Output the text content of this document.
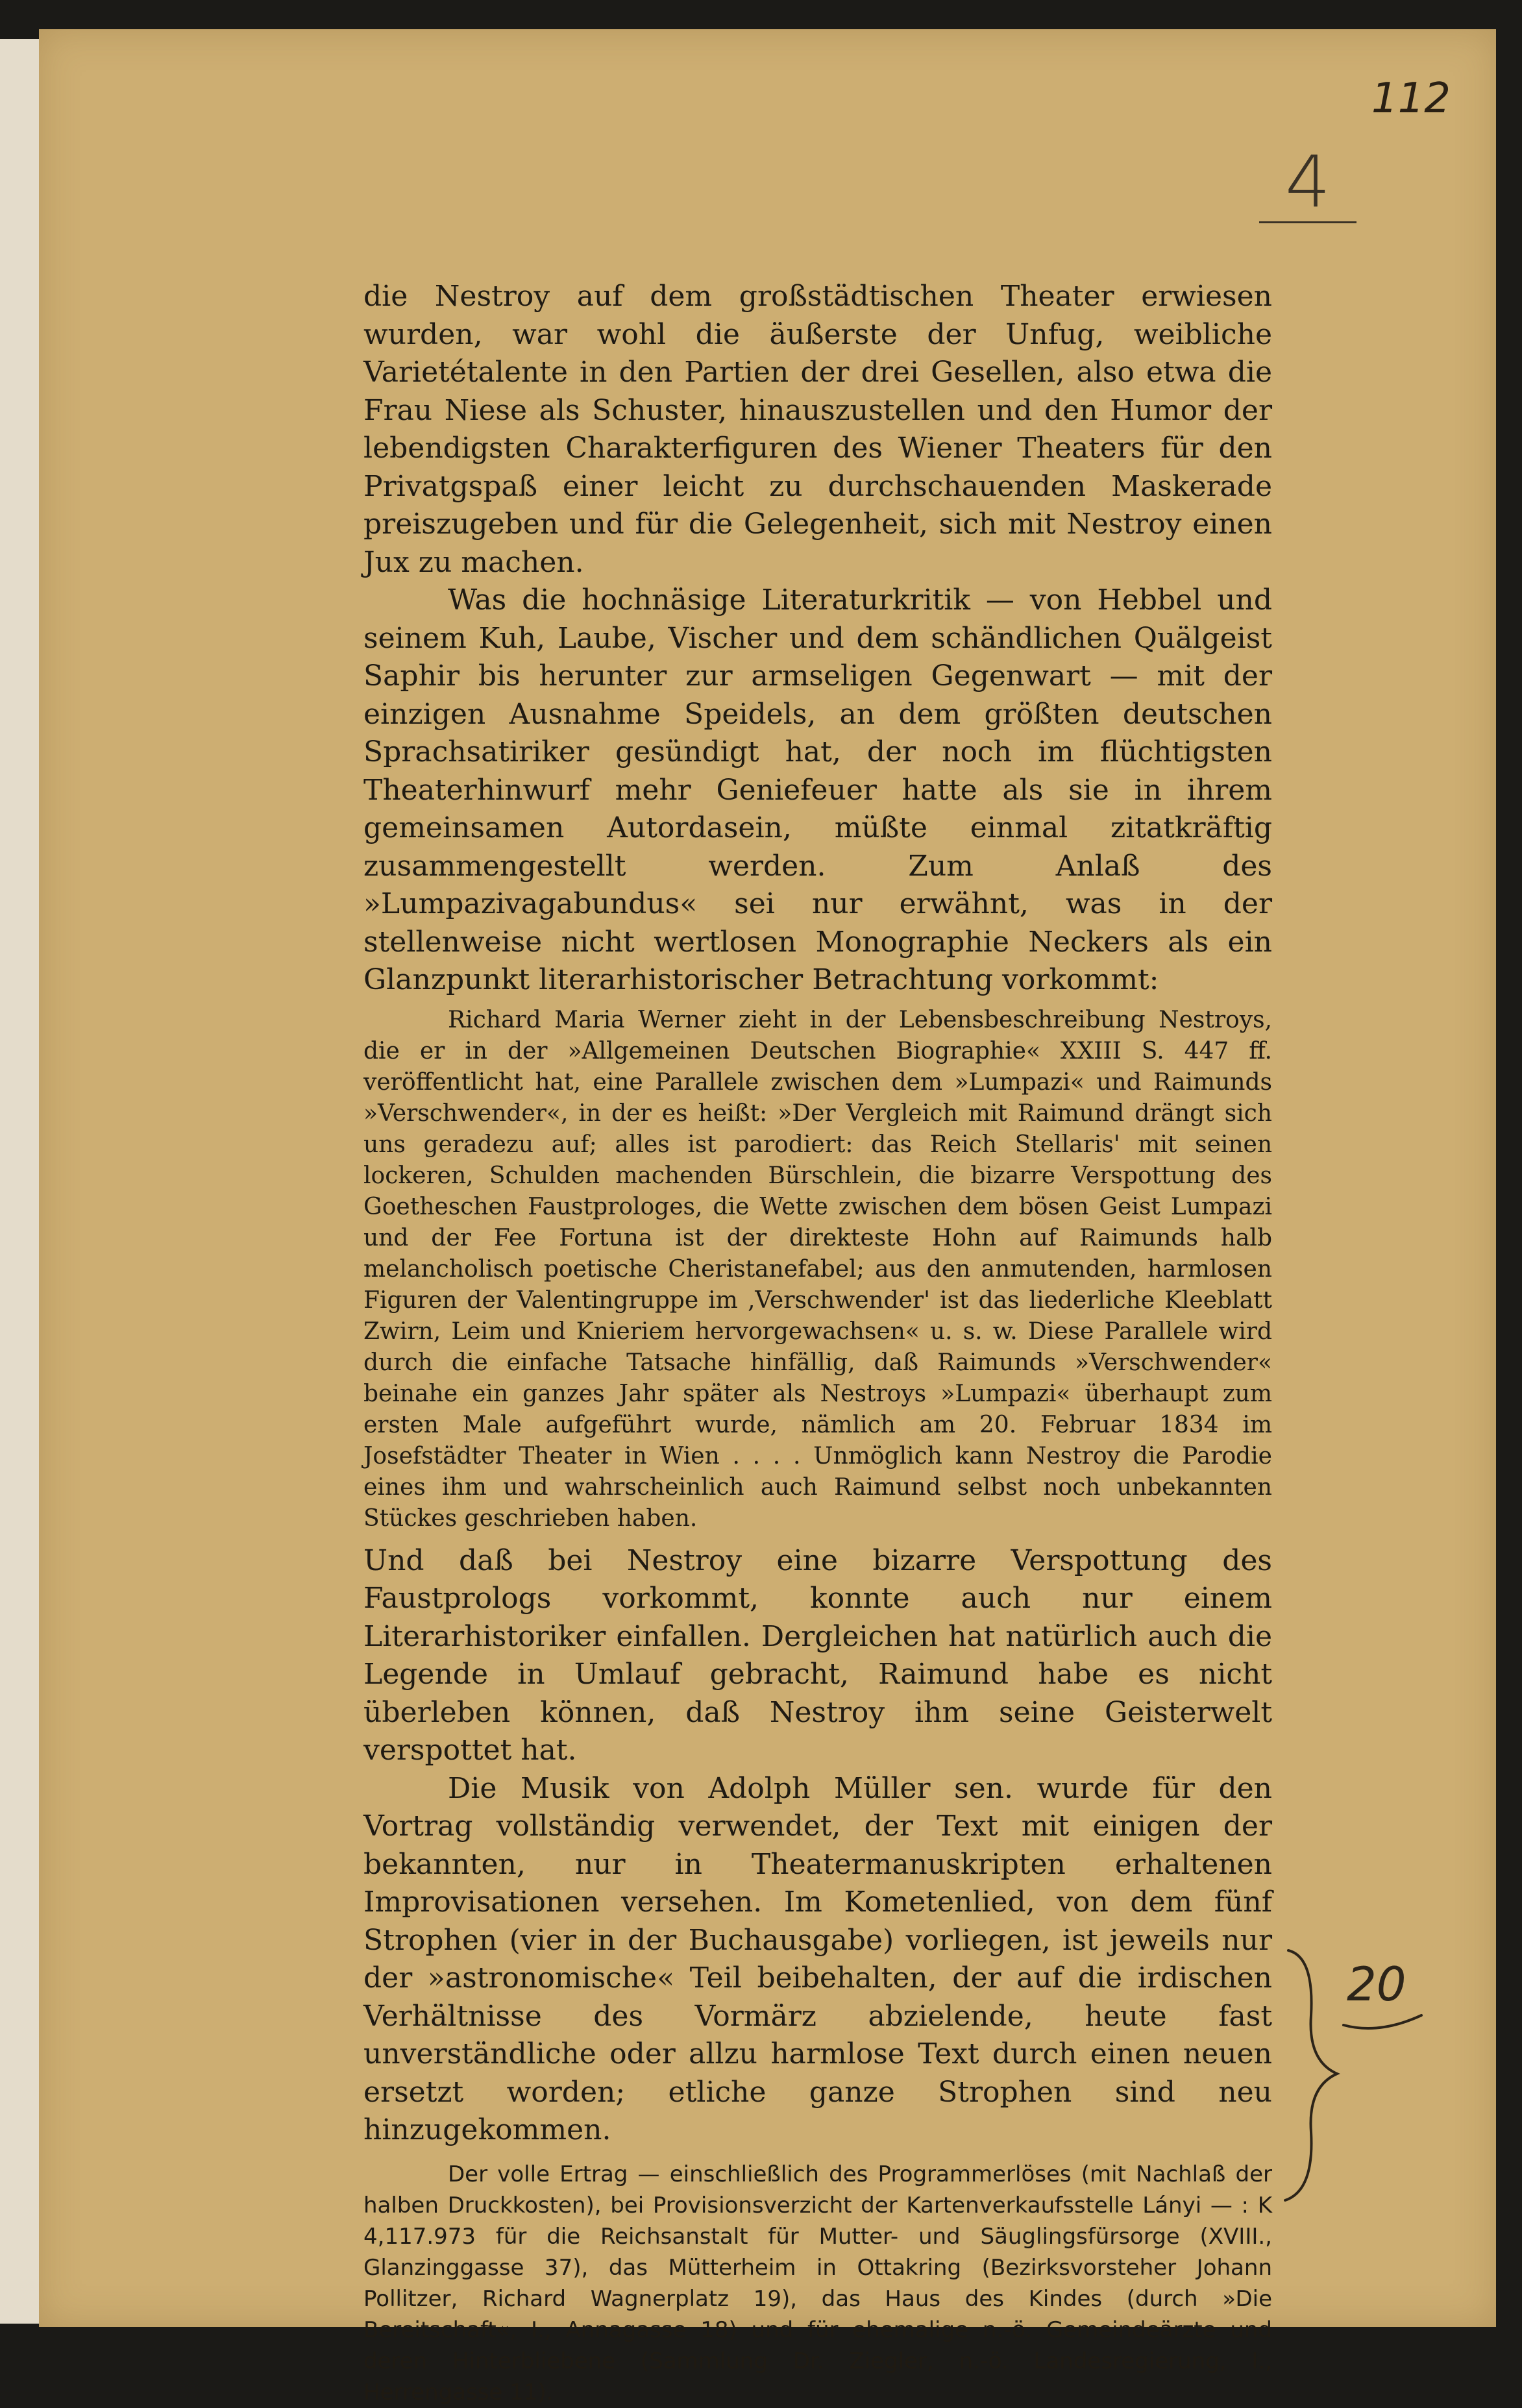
112

4

die Nestroy auf dem großstädtischen Theater erwiesen wurden, war wohl die äußerste der Unfug, weibliche Varietétalente in den Partien der drei Gesellen, also etwa die Frau Niese als Schuster, hinauszustellen und den Humor der lebendigsten Charakterfiguren des Wiener Theaters für den Privatgspaß einer leicht zu durchschauenden Maskerade preiszugeben und für die Gelegenheit, sich mit Nestroy einen Jux zu machen.

Was die hochnäsige Literaturkritik — von Hebbel und seinem Kuh, Laube, Vischer und dem schändlichen Quälgeist Saphir bis herunter zur armseligen Gegenwart — mit der einzigen Ausnahme Speidels, an dem größten deutschen Sprachsatiriker gesündigt hat, der noch im flüchtigsten Theaterhinwurf mehr Geniefeuer hatte als sie in ihrem gemeinsamen Autordasein, müßte einmal zitatkräftig zusammengestellt werden. Zum Anlaß des »Lumpazivagabundus« sei nur erwähnt, was in der stellenweise nicht wertlosen Monographie Neckers als ein Glanzpunkt literarhistorischer Betrachtung vorkommt:

Richard Maria Werner zieht in der Lebensbeschreibung Nestroys, die er in der »Allgemeinen Deutschen Biographie« XXIII S. 447 ff. veröffentlicht hat, eine Parallele zwischen dem »Lumpazi« und Raimunds »Verschwender«, in der es heißt: »Der Vergleich mit Raimund drängt sich uns geradezu auf; alles ist parodiert: das Reich Stellaris' mit seinen lockeren, Schulden machenden Bürschlein, die bizarre Verspottung des Goetheschen Faustprologes, die Wette zwischen dem bösen Geist Lumpazi und der Fee Fortuna ist der direkteste Hohn auf Raimunds halb melancholisch poetische Cheristanefabel; aus den anmutenden, harmlosen Figuren der Valentingruppe im ‚Verschwender' ist das liederliche Kleeblatt Zwirn, Leim und Knieriem hervorgewachsen« u. s. w. Diese Parallele wird durch die einfache Tatsache hinfällig, daß Raimunds »Verschwender« beinahe ein ganzes Jahr später als Nestroys »Lumpazi« überhaupt zum ersten Male aufgeführt wurde, nämlich am 20. Februar 1834 im Josefstädter Theater in Wien . . . . Unmöglich kann Nestroy die Parodie eines ihm und wahrscheinlich auch Raimund selbst noch unbekannten Stückes geschrieben haben.

Und daß bei Nestroy eine bizarre Verspottung des Faustprologs vorkommt, konnte auch nur einem Literarhistoriker einfallen. Dergleichen hat natürlich auch die Legende in Umlauf gebracht, Raimund habe es nicht überleben können, daß Nestroy ihm seine Geisterwelt verspottet hat.

Die Musik von Adolph Müller sen. wurde für den Vortrag vollständig verwendet, der Text mit einigen der bekannten, nur in Theatermanuskripten erhaltenen Improvisationen versehen. Im Kometenlied, von dem fünf Strophen (vier in der Buchausgabe) vorliegen, ist jeweils nur der »astronomische« Teil beibehalten, der auf die irdischen Verhältnisse des Vormärz abzielende, heute fast unverständliche oder allzu harmlose Text durch einen neuen ersetzt worden; etliche ganze Strophen sind neu hinzugekommen.

Der volle Ertrag — einschließlich des Programmerlöses (mit Nachlaß der halben Druckkosten), bei Provisionsverzicht der Kartenverkaufsstelle Lányi — : K 4,117.973 für die Reichsanstalt für Mutter- und Säuglingsfürsorge (XVIII., Glanzinggasse 37), das Mütterheim in Ottakring (Bezirksvorsteher Johann Pollitzer, Richard Wagnerplatz 19), das Haus des Kindes (durch »Die Bereitschaft«, I., Annagasse 18) und für ehemalige n.-ö. Gemeindeärzte und deren Hinterbliebene (Sammlung Dr. Ziegler, n.-ö. Landesregierung, I., Herrengasse 11).

20
